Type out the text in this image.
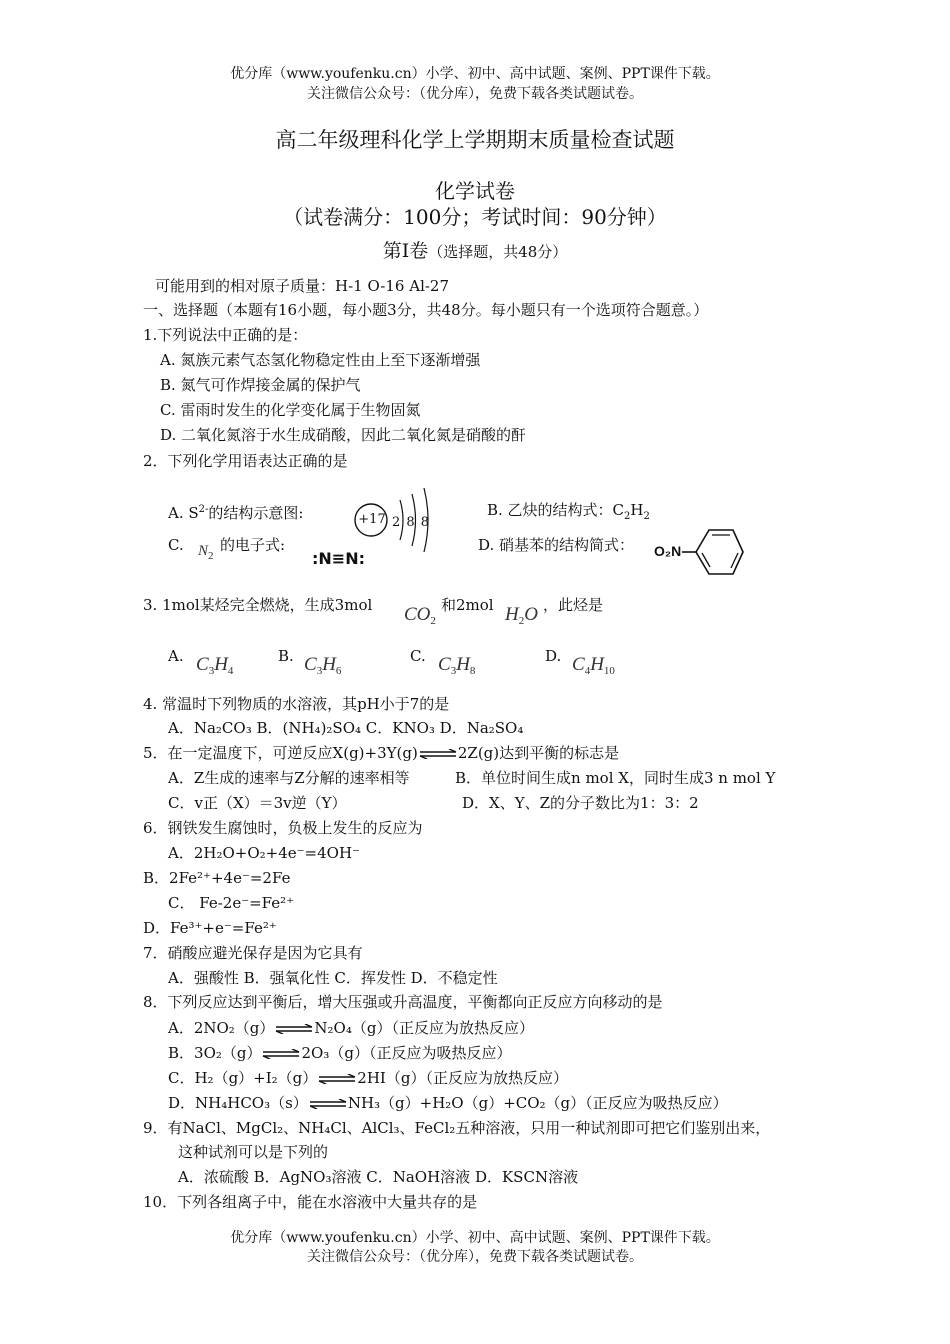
优分库（www.youfenku.cn）小学、初中、高中试题、案例、PPT课件下载。
关注微信公众号：（优分库），免费下载各类试题试卷。
高二年级理科化学上学期期末质量检查试题
化学试卷
（试卷满分：100分；考试时间：90分钟）
第Ⅰ卷（选择题，共48分）
可能用到的相对原子质量：H-1 O-16 Al-27
一、选择题（本题有16小题，每小题3分，共48分。每小题只有一个选项符合题意。）
1.下列说法中正确的是：
A. 氮族元素气态氢化物稳定性由上至下逐渐增强
B. 氮气可作焊接金属的保护气
C. 雷雨时发生的化学变化属于生物固氮
D. 二氧化氮溶于水生成硝酸，因此二氧化氮是硝酸的酐
2．下列化学用语表达正确的是
A. $S^{2-}$的结构示意图:	+17 2 8 8
B. 乙炔的结构式：$C_2H_2$
C. $N_2$
的电子式:
:N≡N:
D. 硝基苯的结构简式： O₂N
3. 1mol某烃完全燃烧，生成3mol $CO_2$
和2mol $H_2O$ ，此烃是
A. $C_3H_4$
B. $C_3H_6$
C. $C_3H_8$
D. $C_4H_{10}$
4. 常温时下列物质的水溶液，其pH小于7的是
A．Na₂CO₃ B．(NH₄)₂SO₄ C．KNO₃ D．Na₂SO₄
5．在一定温度下，可逆反应X(g)+3Y(g)⇌2Z(g)达到平衡的标志是
A．Z生成的速率与Z分解的速率相等	B．单位时间生成n mol X，同时生成3 n mol Y
C．v正（X）＝3v逆（Y）	D．X、Y、Z的分子数比为1：3：2
6．钢铁发生腐蚀时，负极上发生的反应为
A．2H₂O+O₂+4e⁻=4OH⁻
B．2Fe²⁺+4e⁻=2Fe
C． Fe-2e⁻=Fe²⁺
D．Fe³⁺+e⁻=Fe²⁺
7．硝酸应避光保存是因为它具有
A．强酸性 B．强氧化性 C．挥发性 D．不稳定性
8．下列反应达到平衡后，增大压强或升高温度，平衡都向正反应方向移动的是
A．2NO₂（g）⇌N₂O₄（g）（正反应为放热反应）
B．3O₂（g）⇌2O₃（g）（正反应为吸热反应）
C．H₂（g）+I₂（g）⇌2HI（g）（正反应为放热反应）
D．NH₄HCO₃（s）⇌NH₃（g）+H₂O（g）+CO₂（g）（正反应为吸热反应）
9．有NaCl、MgCl₂、NH₄Cl、AlCl₃、FeCl₂五种溶液，只用一种试剂即可把它们鉴别出来，
这种试剂可以是下列的
A．浓硫酸 B．AgNO₃溶液 C．NaOH溶液 D．KSCN溶液
10．下列各组离子中，能在水溶液中大量共存的是
优分库（www.youfenku.cn）小学、初中、高中试题、案例、PPT课件下载。
关注微信公众号：（优分库），免费下载各类试题试卷。
